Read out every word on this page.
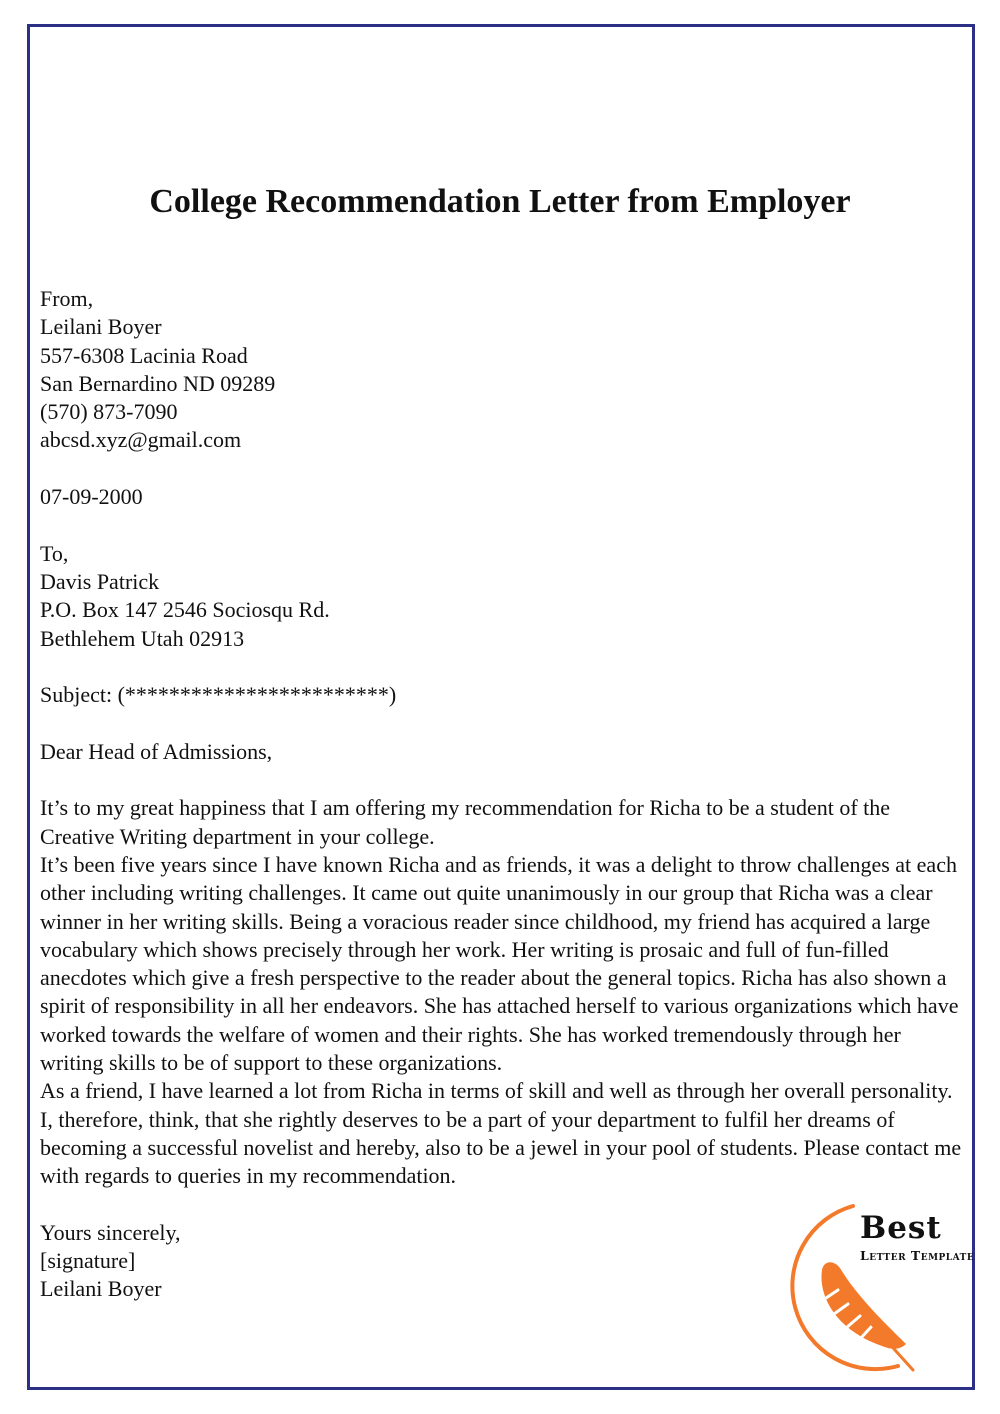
College Recommendation Letter from Employer
From,
Leilani Boyer
557-6308 Lacinia Road
San Bernardino ND 09289
(570) 873-7090
abcsd.xyz@gmail.com
07-09-2000
To,
Davis Patrick
P.O. Box 147 2546 Sociosqu Rd.
Bethlehem Utah 02913
Subject: (************************)
Dear Head of Admissions,

It’s to my great happiness that I am offering my recommendation for Richa to be a student of the Creative Writing department in your college.

It’s been five years since I have known Richa and as friends, it was a delight to throw challenges at each other including writing challenges. It came out quite unanimously in our group that Richa was a clear winner in her writing skills. Being a voracious reader since childhood, my friend has acquired a large vocabulary which shows precisely through her work. Her writing is prosaic and full of fun-filled anecdotes which give a fresh perspective to the reader about the general topics. Richa has also shown a spirit of responsibility in all her endeavors. She has attached herself to various organizations which have worked towards the welfare of women and their rights. She has worked tremendously through her writing skills to be of support to these organizations.

As a friend, I have learned a lot from Richa in terms of skill and well as through her overall personality. I, therefore, think, that she rightly deserves to be a part of your department to fulfil her dreams of becoming a successful novelist and hereby, also to be a jewel in your pool of students. Please contact me with regards to queries in my recommendation.

Yours sincerely,
[signature]
Leilani Boyer
Best
Letter Template
